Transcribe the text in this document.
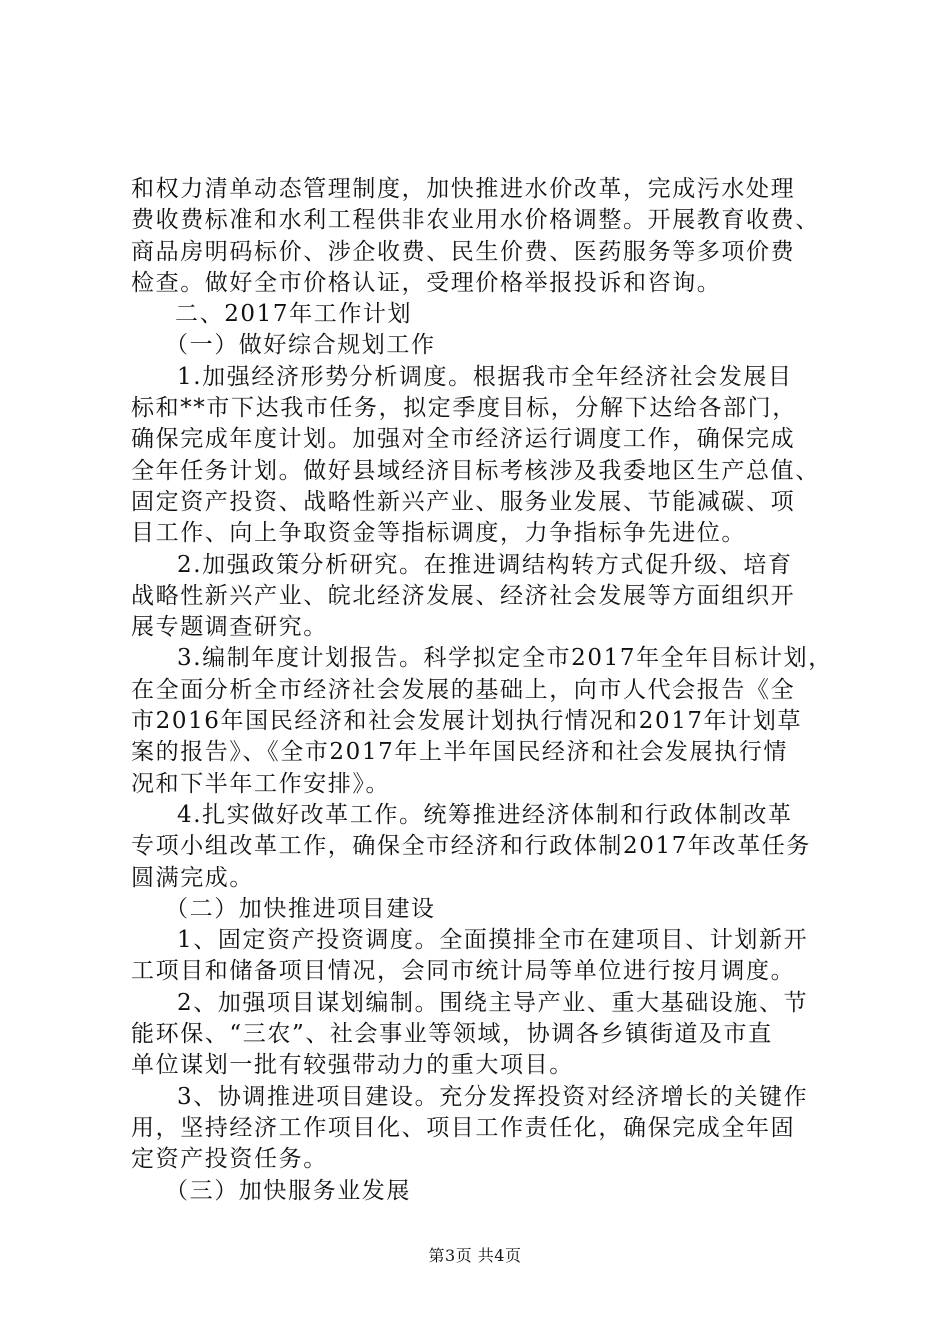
和权力清单动态管理制度，加快推进水价改革，完成污水处理
费收费标准和水利工程供非农业用水价格调整。开展教育收费、
商品房明码标价、涉企收费、民生价费、医药服务等多项价费
检查。做好全市价格认证，受理价格举报投诉和咨询。
二、2017年工作计划
（一）做好综合规划工作
1.加强经济形势分析调度。根据我市全年经济社会发展目
标和**市下达我市任务，拟定季度目标，分解下达给各部门，
确保完成年度计划。加强对全市经济运行调度工作，确保完成
全年任务计划。做好县域经济目标考核涉及我委地区生产总值、
固定资产投资、战略性新兴产业、服务业发展、节能减碳、项
目工作、向上争取资金等指标调度，力争指标争先进位。
2.加强政策分析研究。在推进调结构转方式促升级、培育
战略性新兴产业、皖北经济发展、经济社会发展等方面组织开
展专题调查研究。
3.编制年度计划报告。科学拟定全市2017年全年目标计划，
在全面分析全市经济社会发展的基础上，向市人代会报告《全
市2016年国民经济和社会发展计划执行情况和2017年计划草
案的报告》、《全市2017年上半年国民经济和社会发展执行情
况和下半年工作安排》。
4.扎实做好改革工作。统筹推进经济体制和行政体制改革
专项小组改革工作，确保全市经济和行政体制2017年改革任务
圆满完成。
（二）加快推进项目建设
1、固定资产投资调度。全面摸排全市在建项目、计划新开
工项目和储备项目情况，会同市统计局等单位进行按月调度。
2、加强项目谋划编制。围绕主导产业、重大基础设施、节
能环保、“三农”、社会事业等领域，协调各乡镇街道及市直
单位谋划一批有较强带动力的重大项目。
3、协调推进项目建设。充分发挥投资对经济增长的关键作
用，坚持经济工作项目化、项目工作责任化，确保完成全年固
定资产投资任务。
（三）加快服务业发展
第3页 共4页
